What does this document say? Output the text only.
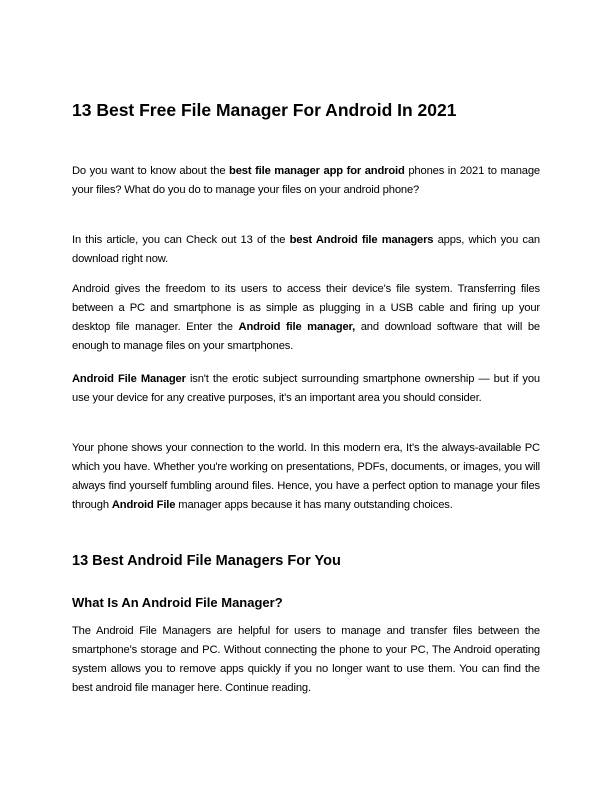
13 Best Free File Manager For Android In 2021

Do you want to know about the best file manager app for android phones in 2021 to manage your files? What do you do to manage your files on your android phone?

In this article, you can Check out 13 of the best Android file managers apps, which you can download right now.

Android gives the freedom to its users to access their device's file system. Transferring files between a PC and smartphone is as simple as plugging in a USB cable and firing up your desktop file manager. Enter the Android file manager, and download software that will be enough to manage files on your smartphones.

Android File Manager isn't the erotic subject surrounding smartphone ownership — but if you use your device for any creative purposes, it's an important area you should consider.

Your phone shows your connection to the world. In this modern era, It's the always-available PC which you have. Whether you're working on presentations, PDFs, documents, or images, you will always find yourself fumbling around files. Hence, you have a perfect option to manage your files through Android File manager apps because it has many outstanding choices.

13 Best Android File Managers For You
What Is An Android File Manager?

The Android File Managers are helpful for users to manage and transfer files between the smartphone's storage and PC. Without connecting the phone to your PC, The Android operating system allows you to remove apps quickly if you no longer want to use them. You can find the best android file manager here. Continue reading.
